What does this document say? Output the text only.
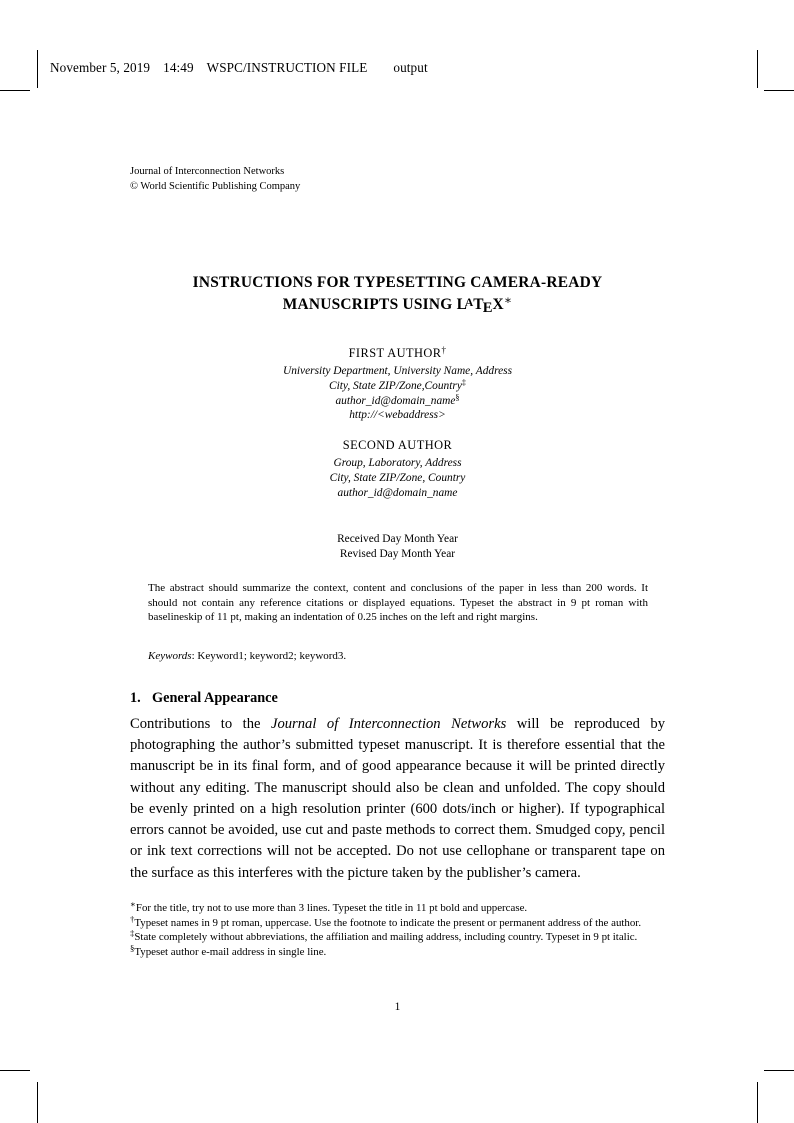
November 5, 2019 14:49 WSPC/INSTRUCTION FILE output
Journal of Interconnection Networks
© World Scientific Publishing Company
INSTRUCTIONS FOR TYPESETTING CAMERA-READY
MANUSCRIPTS USING $L^ATEX^∗$
FIRST AUTHOR†
University Department, University Name, Address
City, State ZIP/Zone,Country‡
author_id@domain_name§
http://<webaddress>
SECOND AUTHOR
Group, Laboratory, Address
City, State ZIP/Zone, Country
author_id@domain_name
Received Day Month Year
Revised Day Month Year
The abstract should summarize the context, content and conclusions of the paper in less than 200 words. It should not contain any reference citations or displayed equations. Typeset the abstract in 9 pt roman with baselineskip of 11 pt, making an indentation of 0.25 inches on the left and right margins.
Keywords: Keyword1; keyword2; keyword3.
1. General Appearance
Contributions to the Journal of Interconnection Networks will be reproduced by photographing the author’s submitted typeset manuscript. It is therefore essential that the manuscript be in its final form, and of good appearance because it will be printed directly without any editing. The manuscript should also be clean and unfolded. The copy should be evenly printed on a high resolution printer (600 dots/inch or higher). If typographical errors cannot be avoided, use cut and paste methods to correct them. Smudged copy, pencil or ink text corrections will not be accepted. Do not use cellophane or transparent tape on the surface as this interferes with the picture taken by the publisher’s camera.

∗For the title, try not to use more than 3 lines. Typeset the title in 11 pt bold and uppercase.

†Typeset names in 9 pt roman, uppercase. Use the footnote to indicate the present or permanent address of the author.

‡State completely without abbreviations, the affiliation and mailing address, including country. Typeset in 9 pt italic.

§Typeset author e-mail address in single line.

1
